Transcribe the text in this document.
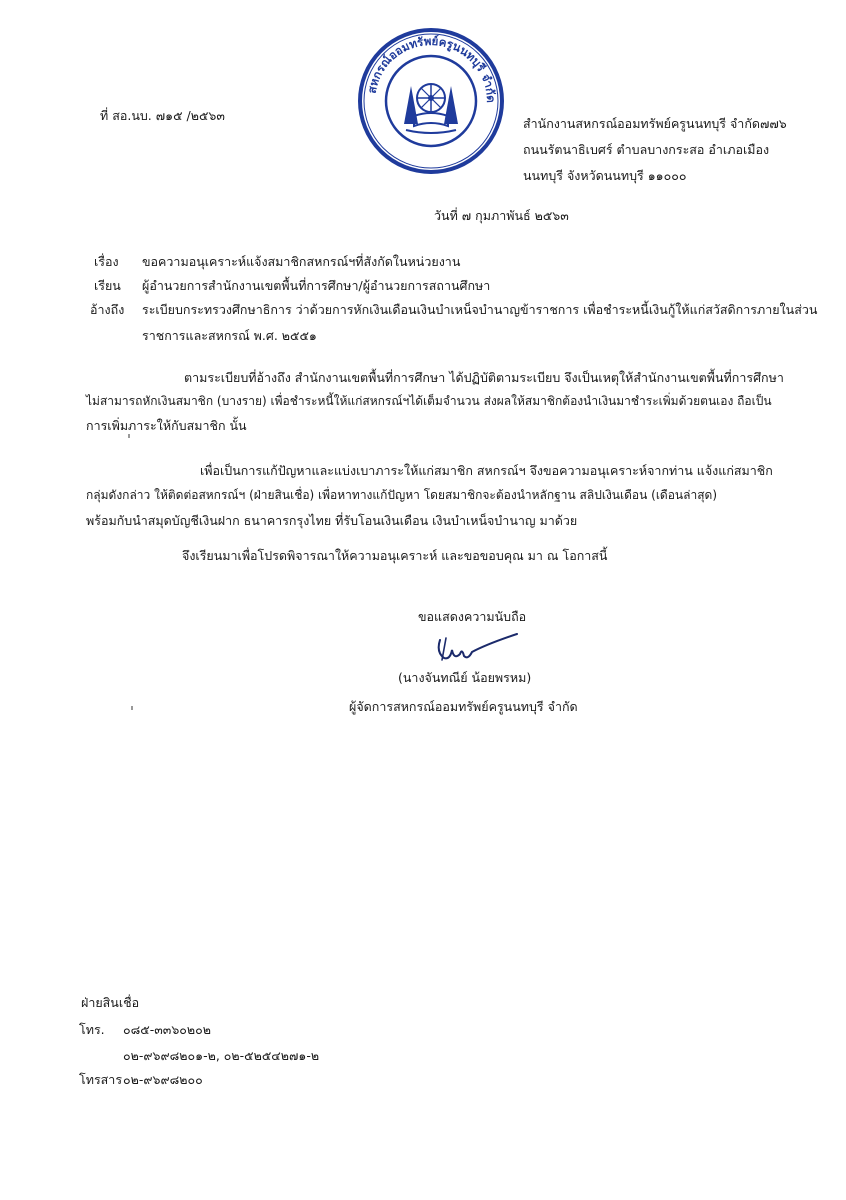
ที่ สอ.นบ. ๗๑๕ /๒๕๖๓
สหกรณ์ออมทรัพย์ครูนนทบุรี จำกัด
สำนักงานสหกรณ์ออมทรัพย์ครูนนทบุรี จำกัด๗๗๖
ถนนรัตนาธิเบศร์ ตำบลบางกระสอ อำเภอเมือง
นนทบุรี จังหวัดนนทบุรี ๑๑๐๐๐
วันที่ ๗ กุมภาพันธ์ ๒๕๖๓
เรื่อง ขอความอนุเคราะห์แจ้งสมาชิกสหกรณ์ฯที่สังกัดในหน่วยงาน
เรียน ผู้อำนวยการสำนักงานเขตพื้นที่การศึกษา/ผู้อำนวยการสถานศึกษา
อ้างถึง ระเบียบกระทรวงศึกษาธิการ ว่าด้วยการหักเงินเดือนเงินบำเหน็จบำนาญข้าราชการ เพื่อชำระหนี้เงินกู้ให้แก่สวัสดิการภายในส่วน
ราชการและสหกรณ์ พ.ศ. ๒๕๕๑
ตามระเบียบที่อ้างถึง สำนักงานเขตพื้นที่การศึกษา ได้ปฏิบัติตามระเบียบ จึงเป็นเหตุให้สำนักงานเขตพื้นที่การศึกษา
ไม่สามารถหักเงินสมาชิก (บางราย) เพื่อชำระหนี้ให้แก่สหกรณ์ฯได้เต็มจำนวน ส่งผลให้สมาชิกต้องนำเงินมาชำระเพิ่มด้วยตนเอง ถือเป็น
การเพิ่มภาระให้กับสมาชิก นั้น
เพื่อเป็นการแก้ปัญหาและแบ่งเบาภาระให้แก่สมาชิก สหกรณ์ฯ จึงขอความอนุเคราะห์จากท่าน แจ้งแก่สมาชิก
กลุ่มดังกล่าว ให้ติดต่อสหกรณ์ฯ (ฝ่ายสินเชื่อ) เพื่อหาทางแก้ปัญหา โดยสมาชิกจะต้องนำหลักฐาน สลิปเงินเดือน (เดือนล่าสุด)
พร้อมกับนำสมุดบัญชีเงินฝาก ธนาคารกรุงไทย ที่รับโอนเงินเดือน เงินบำเหน็จบำนาญ มาด้วย
จึงเรียนมาเพื่อโปรดพิจารณาให้ความอนุเคราะห์ และขอขอบคุณ มา ณ โอกาสนี้
ขอแสดงความนับถือ
(นางจันทณีย์ น้อยพรหม)
ผู้จัดการสหกรณ์ออมทรัพย์ครูนนทบุรี จำกัด
ฝ่ายสินเชื่อ
โทร. ๐๘๕-๓๓๖๐๒๐๒
๐๒-๙๖๙๘๒๐๑-๒, ๐๒-๕๒๕๔๒๗๑-๒
โทรสาร ๐๒-๙๖๙๘๒๐๐
